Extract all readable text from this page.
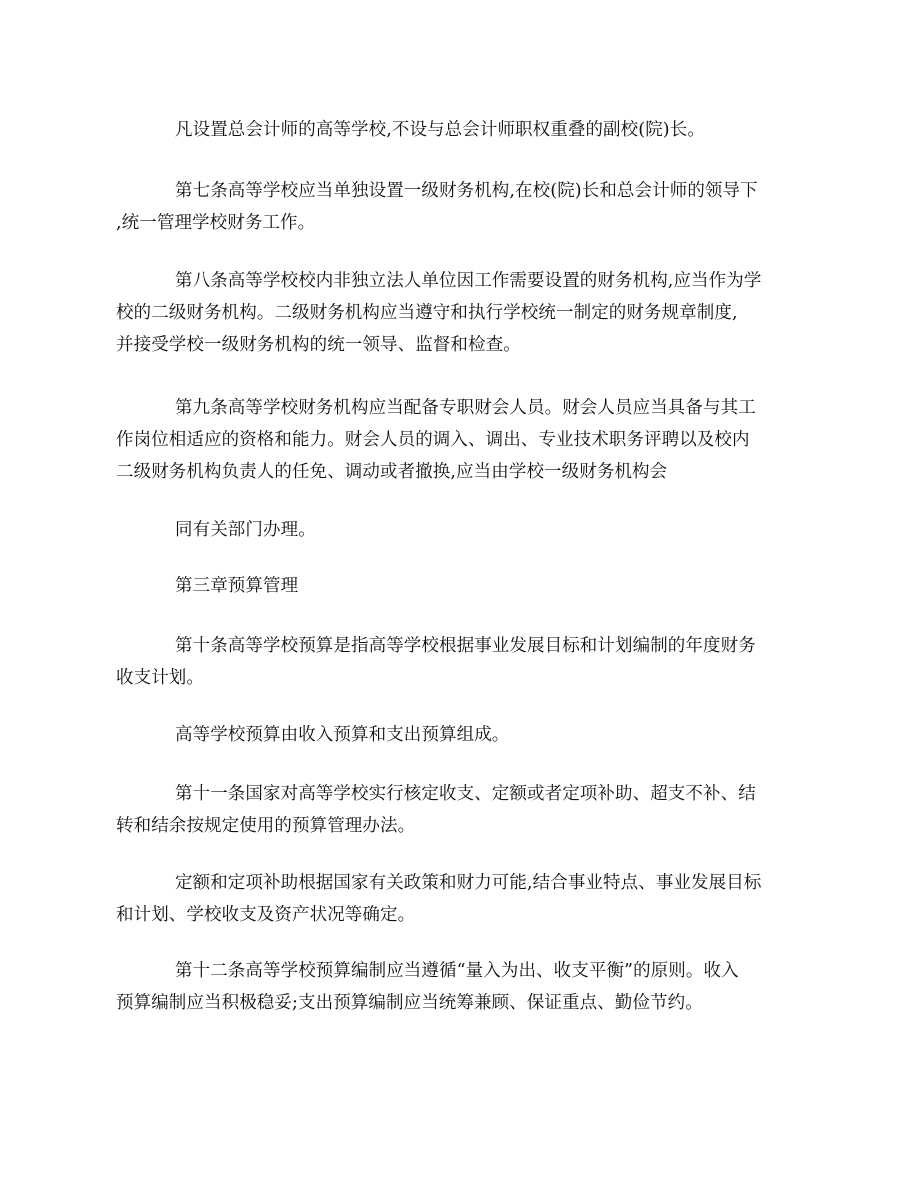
凡设置总会计师的高等学校,不设与总会计师职权重叠的副校(院)长。

第七条高等学校应当单独设置一级财务机构,在校(院)长和总会计师的领导下
,统一管理学校财务工作。

第八条高等学校校内非独立法人单位因工作需要设置的财务机构,应当作为学
校的二级财务机构。二级财务机构应当遵守和执行学校统一制定的财务规章制度,
并接受学校一级财务机构的统一领导、监督和检查。

第九条高等学校财务机构应当配备专职财会人员。财会人员应当具备与其工
作岗位相适应的资格和能力。财会人员的调入、调出、专业技术职务评聘以及校内
二级财务机构负责人的任免、调动或者撤换,应当由学校一级财务机构会

同有关部门办理。

第三章预算管理

第十条高等学校预算是指高等学校根据事业发展目标和计划编制的年度财务
收支计划。

高等学校预算由收入预算和支出预算组成。

第十一条国家对高等学校实行核定收支、定额或者定项补助、超支不补、结
转和结余按规定使用的预算管理办法。

定额和定项补助根据国家有关政策和财力可能,结合事业特点、事业发展目标
和计划、学校收支及资产状况等确定。

第十二条高等学校预算编制应当遵循“量入为出、收支平衡”的原则。收入
预算编制应当积极稳妥;支出预算编制应当统筹兼顾、保证重点、勤俭节约。
